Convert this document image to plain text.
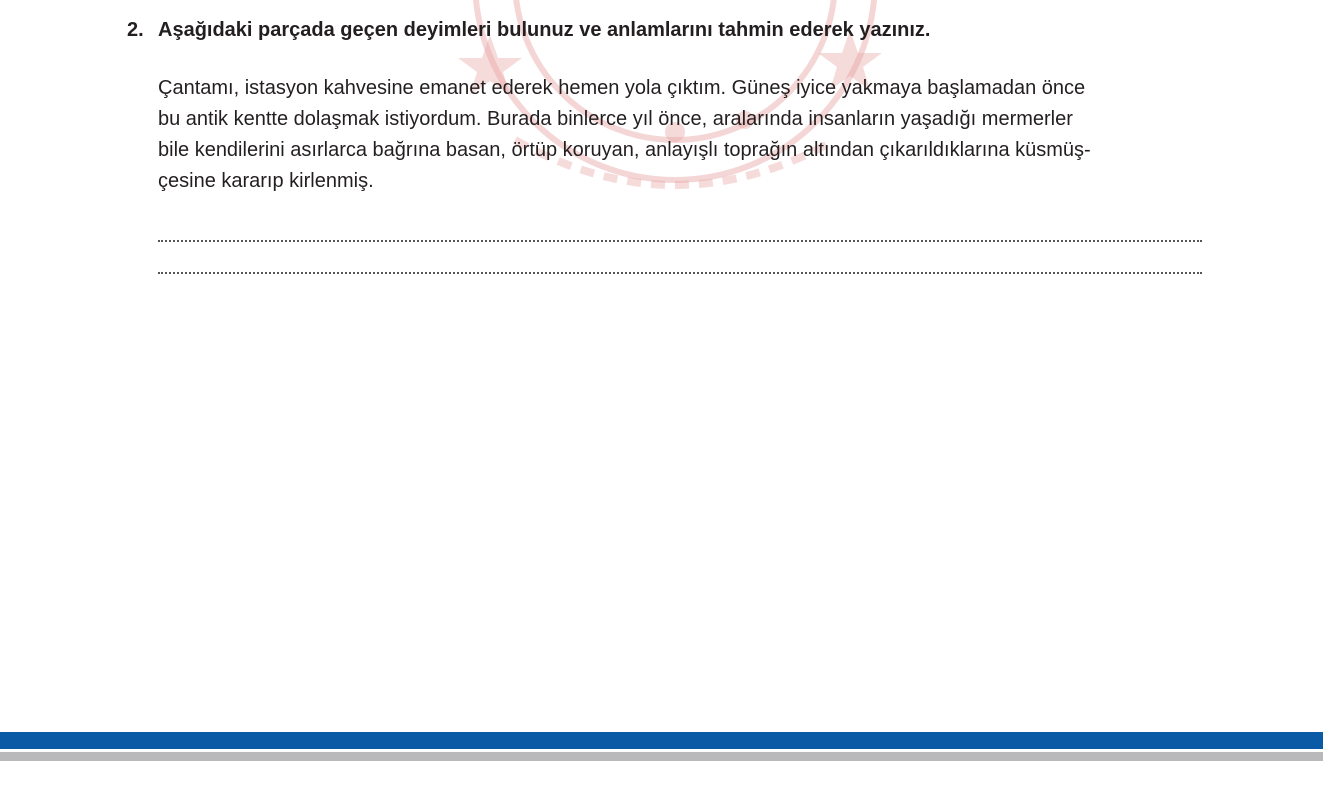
2. Aşağıdaki parçada geçen deyimleri bulunuz ve anlamlarını tahmin ederek yazınız.
Çantamı, istasyon kahvesine emanet ederek hemen yola çıktım. Güneş iyice yakmaya başlamadan önce
bu antik kentte dolaşmak istiyordum. Burada binlerce yıl önce, aralarında insanların yaşadığı mermerler
bile kendilerini asırlarca bağrına basan, örtüp koruyan, anlayışlı toprağın altından çıkarıldıklarına küsmüş-
çesine kararıp kirlenmiş.
